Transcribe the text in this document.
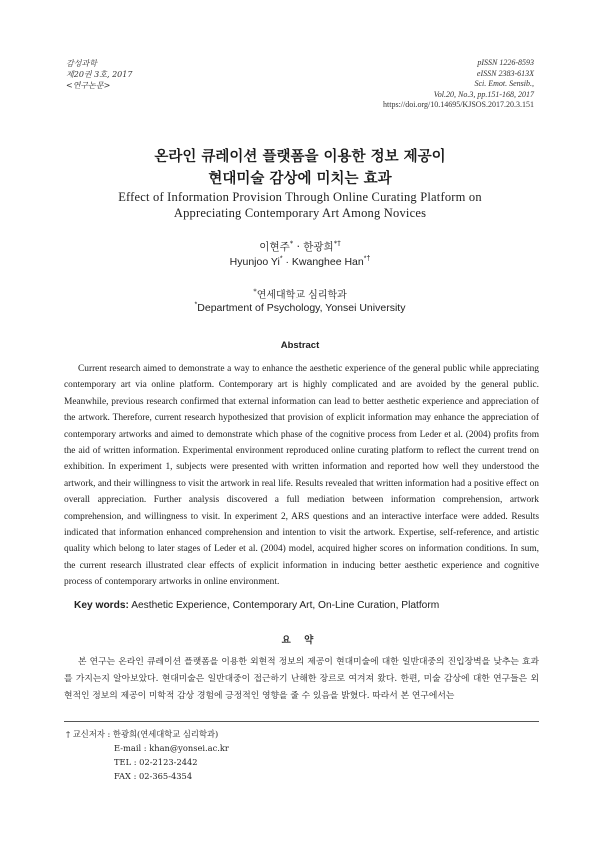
감성과학
제20권 3호, 2017
<연구논문>
pISSN 1226-8593
eISSN 2383-613X
Sci. Emot. Sensib.,
Vol.20, No.3, pp.151-168, 2017
https://doi.org/10.14695/KJSOS.2017.20.3.151
온라인 큐레이션 플랫폼을 이용한 정보 제공이
현대미술 감상에 미치는 효과
Effect of Information Provision Through Online Curating Platform on
Appreciating Contemporary Art Among Novices
이현주* · 한광희*†
Hyunjoo Yi* · Kwanghee Han*†
*연세대학교 심리학과
*Department of Psychology, Yonsei University
Abstract
Current research aimed to demonstrate a way to enhance the aesthetic experience of the general public while appreciating contemporary art via online platform. Contemporary art is highly complicated and are avoided by the general public. Meanwhile, previous research confirmed that external information can lead to better aesthetic experience and appreciation of the artwork. Therefore, current research hypothesized that provision of explicit information may enhance the appreciation of contemporary artworks and aimed to demonstrate which phase of the cognitive process from Leder et al. (2004) profits from the aid of written information. Experimental environment reproduced online curating platform to reflect the current trend on exhibition. In experiment 1, subjects were presented with written information and reported how well they understood the artwork, and their willingness to visit the artwork in real life. Results revealed that written information had a positive effect on overall appreciation. Further analysis discovered a full mediation between information comprehension, artwork comprehension, and willingness to visit. In experiment 2, ARS questions and an interactive interface were added. Results indicated that information enhanced comprehension and intention to visit the artwork. Expertise, self-reference, and artistic quality which belong to later stages of Leder et al. (2004) model, acquired higher scores on information conditions. In sum, the current research illustrated clear effects of explicit information in inducing better aesthetic experience and cognitive process of contemporary artworks in online environment.
Key words: Aesthetic Experience, Contemporary Art, On-Line Curation, Platform
요 약
본 연구는 온라인 큐레이션 플랫폼을 이용한 외현적 정보의 제공이 현대미술에 대한 일반대중의 진입장벽을 낮추는 효과를 가지는지 알아보았다. 현대미술은 일반대중이 접근하기 난해한 장르로 여겨져 왔다. 한편, 미술 감상에 대한 연구들은 외현적인 정보의 제공이 미학적 감상 경험에 긍정적인 영향을 줄 수 있음을 밝혔다. 따라서 본 연구에서는
† 교신저자 : 한광희(연세대학교 심리학과)
E-mail : khan@yonsei.ac.kr
TEL : 02-2123-2442
FAX : 02-365-4354
